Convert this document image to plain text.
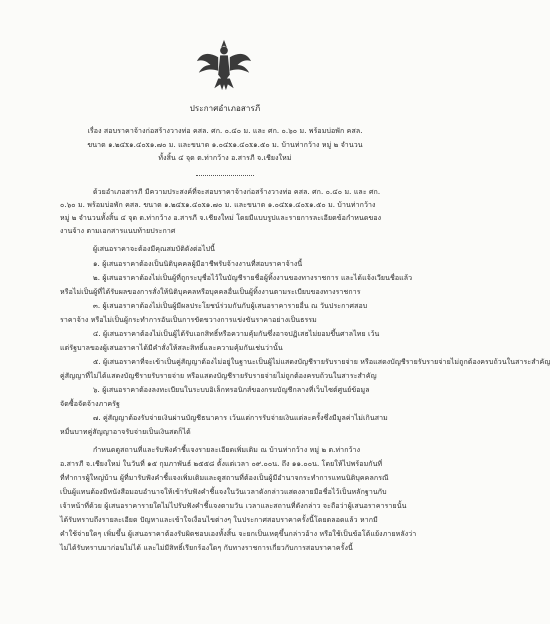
ประกาศอำเภอสารภี
เรื่อง สอบราคาจ้างก่อสร้างวางท่อ คสล. ศก. ๐.๔๐ ม. และ ศก. ๐.๖๐ ม. พร้อมบ่อพัก คสล.
ขนาด ๑.๒๔x๑.๔๐x๑.๗๐ ม. และขนาด ๑.๐๔x๑.๔๐x๑.๕๐ ม. บ้านท่ากว้าง หมู่ ๒ จำนวน
ทั้งสิ้น ๔ จุด ต.ท่ากว้าง อ.สารภี จ.เชียงใหม่
ด้วยอำเภอสารภี มีความประสงค์ที่จะสอบราคาจ้างก่อสร้างวางท่อ คสล. ศก. ๐.๔๐ ม. และ ศก.
๐.๖๐ ม. พร้อมบ่อพัก คสล. ขนาด ๑.๒๔x๑.๔๐x๑.๗๐ ม. และขนาด ๑.๐๔x๑.๔๐x๑.๕๐ ม. บ้านท่ากว้าง
หมู่ ๒ จำนวนทั้งสิ้น ๔ จุด ต.ท่ากว้าง อ.สารภี จ.เชียงใหม่ โดยมีแบบรูปและรายการละเอียดข้อกำหนดของ
งานจ้าง ตามเอกสารแนบท้ายประกาศ
ผู้เสนอราคาจะต้องมีคุณสมบัติดังต่อไปนี้
๑. ผู้เสนอราคาต้องเป็นนิติบุคคลผู้มีอาชีพรับจ้างงานที่สอบราคาจ้างนี้
๒. ผู้เสนอราคาต้องไม่เป็นผู้ที่ถูกระบุชื่อไว้ในบัญชีรายชื่อผู้ทิ้งงานของทางราชการ และได้แจ้งเวียนชื่อแล้ว
หรือไม่เป็นผู้ที่ได้รับผลของการสั่งให้นิติบุคคลหรือบุคคลอื่นเป็นผู้ทิ้งงานตามระเบียบของทางราชการ
๓. ผู้เสนอราคาต้องไม่เป็นผู้มีผลประโยชน์ร่วมกันกับผู้เสนอราคารายอื่น ณ วันประกาศสอบ
ราคาจ้าง หรือไม่เป็นผู้กระทำการอันเป็นการขัดขวางการแข่งขันราคาอย่างเป็นธรรม
๔. ผู้เสนอราคาต้องไม่เป็นผู้ได้รับเอกสิทธิ์หรือความคุ้มกันซึ่งอาจปฏิเสธไม่ยอมขึ้นศาลไทย เว้น
แต่รัฐบาลของผู้เสนอราคาได้มีคำสั่งให้สละสิทธิ์และความคุ้มกันเช่นว่านั้น
๕. ผู้เสนอราคาที่จะเข้าเป็นคู่สัญญาต้องไม่อยู่ในฐานะเป็นผู้ไม่แสดงบัญชีรายรับรายจ่าย หรือแสดงบัญชีรายรับรายจ่ายไม่ถูกต้องครบถ้วนในสาระสำคัญ
คู่สัญญาที่ไม่ได้แสดงบัญชีรายรับรายจ่าย หรือแสดงบัญชีรายรับรายจ่ายไม่ถูกต้องครบถ้วนในสาระสำคัญ
๖. ผู้เสนอราคาต้องลงทะเบียนในระบบอิเล็กทรอนิกส์ของกรมบัญชีกลางที่เว็บไซต์ศูนย์ข้อมูล
จัดซื้อจัดจ้างภาครัฐ
๗. คู่สัญญาต้องรับจ่ายเงินผ่านบัญชีธนาคาร เว้นแต่การรับจ่ายเงินแต่ละครั้งซึ่งมีมูลค่าไม่เกินสาม
หมื่นบาทคู่สัญญาอาจรับจ่ายเป็นเงินสดก็ได้
กำหนดดูสถานที่และรับฟังคำชี้แจงรายละเอียดเพิ่มเติม ณ บ้านท่ากว้าง หมู่ ๒ ต.ท่ากว้าง
อ.สารภี จ.เชียงใหม่ ในวันที่ ๑๕ กุมภาพันธ์ ๒๕๕๘ ตั้งแต่เวลา ๐๙.๐๐น. ถึง ๑๑.๐๐น. โดยให้ไปพร้อมกันที่
ที่ทำการผู้ใหญ่บ้าน ผู้ที่มารับฟังคำชี้แจงเพิ่มเติมและดูสถานที่ต้องเป็นผู้มีอำนาจกระทำการแทนนิติบุคคลกรณี
เป็นผู้แทนต้องมีหนังสือมอบอำนาจให้เข้ารับฟังคำชี้แจงในวันเวลาดังกล่าวแสดงลายมือชื่อไว้เป็นหลักฐานกับ
เจ้าหน้าที่ด้วย ผู้เสนอราคารายใดไม่ไปรับฟังคำชี้แจงตามวัน เวลาและสถานที่ดังกล่าว จะถือว่าผู้เสนอราคารายนั้น
ได้รับทราบถึงรายละเอียด ปัญหาและเข้าใจเงื่อนไขต่างๆ ในประกาศสอบราคาครั้งนี้โดยตลอดแล้ว หากมี
คำใช้จ่ายใดๆ เพิ่มขึ้น ผู้เสนอราคาต้องรับผิดชอบเองทั้งสิ้น จะยกเป็นเหตุขึ้นกล่าวอ้าง หรือใช้เป็นข้อโต้แย้งภายหลังว่า
ไม่ได้รับทราบมาก่อนไม่ได้ และไม่มีสิทธิ์เรียกร้องใดๆ กับทางราชการเกี่ยวกับการสอบราคาครั้งนี้
